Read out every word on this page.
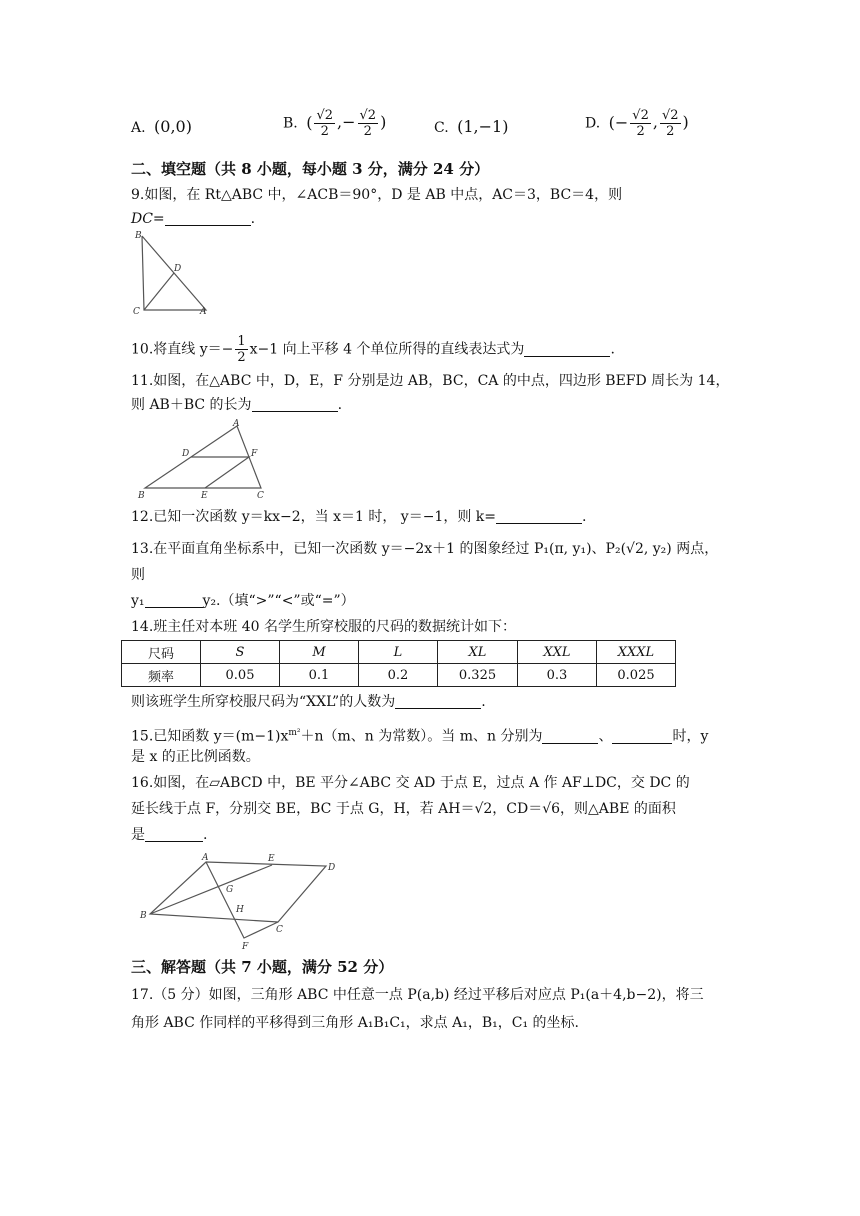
A. (0,0)	B. ( $\frac{√2}{2}$ ,− $\frac{√2}{2}$ )	C. (1,−1)	D. (− $\frac{√2}{2}$ , $\frac{√2}{2}$ )
二、填空题（共 8 小题，每小题 3 分，满分 24 分）
9.如图，在 Rt△ABC 中，∠ACB＝90°，D 是 AB 中点，AC＝3，BC＝4，则
DC=	.
B
D
C	A
10.将直线 $y=- \frac{1}{2} x-1$ 向上平移 4 个单位所得的直线表达式为	.
11.如图，在△ABC 中，D，E，F 分别是边 AB，BC，CA 的中点，四边形 BEFD 周长为 14，
则 AB＋BC 的长为	.
A
D	F
B	E	C
12.已知一次函数 y＝kx−2，当 x＝1 时， y＝−1，则 k=	.
13.在平面直角坐标系中，已知一次函数 y＝−2x＋1 的图象经过 P₁(π, y₁)、P₂(√2, y₂) 两点，
则
y₁	y₂.（填“>”“<”或“=”）
14.班主任对本班 40 名学生所穿校服的尺码的数据统计如下：
尺码	S	M	L	XL	XXL	XXXL
频率	0.05	0.1	0.2	0.325	0.3	0.025
则该班学生所穿校服尺码为“XXL”的人数为	.
15.已知函数 $y=(m-1)x^{m^2}+n(m$、n 为常数）。当 m、n 分别为	、	时，y
是 x 的正比例函数。
16.如图，在▱ABCD 中，BE 平分∠ABC 交 AD 于点 E，过点 A 作 AF⊥DC，交 DC 的
延长线于点 F，分别交 BE，BC 于点 G，H，若 AH＝√2，CD＝√6，则△ABE 的面积
是	.
A	E
D
G
B
H
C
F
三、解答题（共 7 小题，满分 52 分）
17.（5 分）如图，三角形 ABC 中任意一点 P(a,b) 经过平移后对应点 P₁(a＋4,b−2)，将三
角形 ABC 作同样的平移得到三角形 A₁B₁C₁，求点 A₁，B₁，C₁ 的坐标.
